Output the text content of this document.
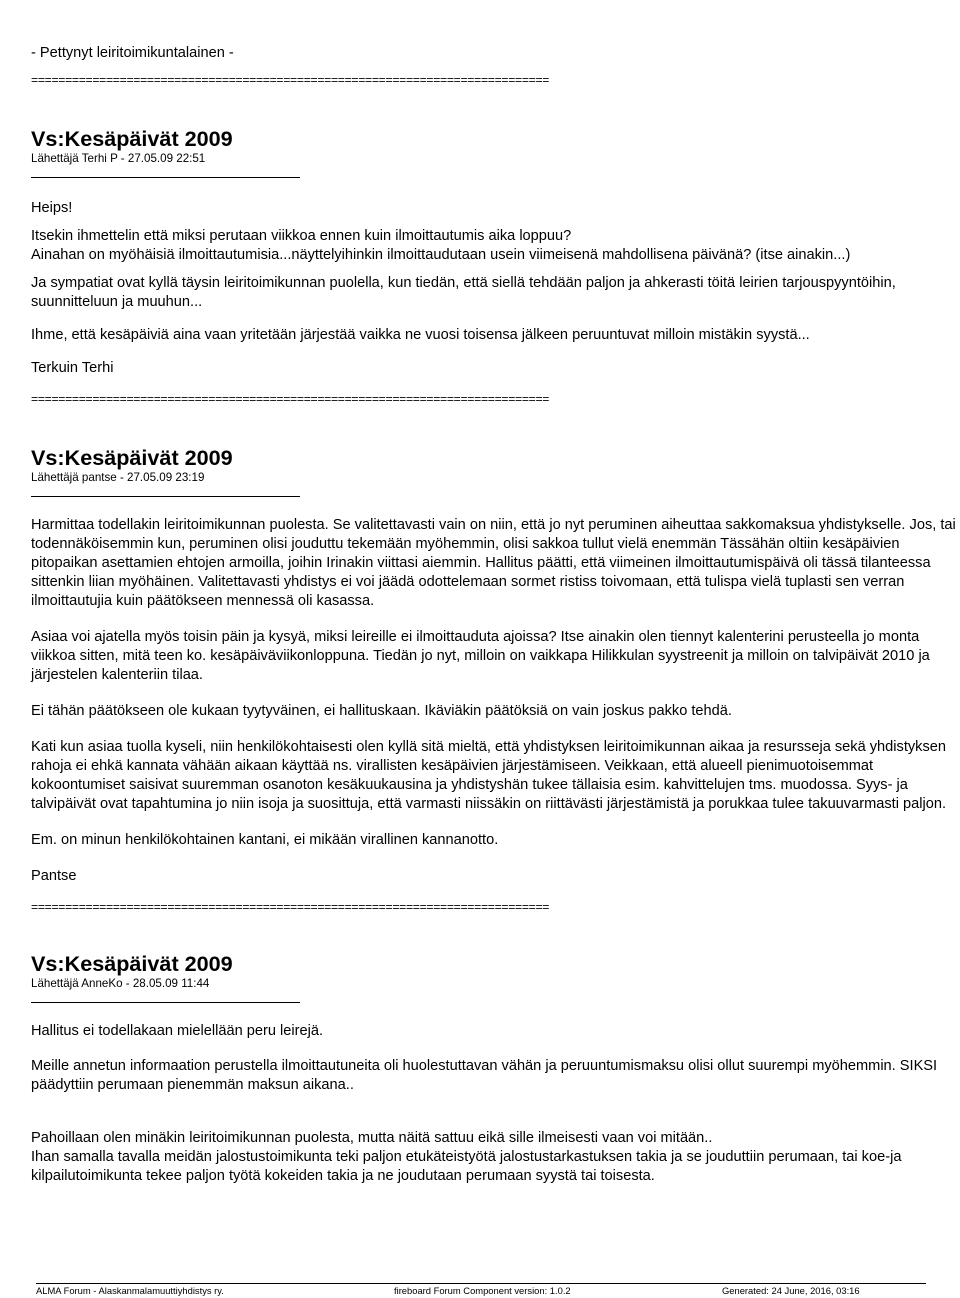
- Pettynyt leiritoimikuntalainen -

============================================================================

Vs:Kesäpäivät 2009

Lähettäjä Terhi P - 27.05.09 22:51

Heips!

Itsekin ihmettelin että miksi perutaan viikkoa ennen kuin ilmoittautumis aika loppuu?

Ainahan on myöhäisiä ilmoittautumisia...näyttelyihinkin ilmoittaudutaan usein viimeisenä mahdollisena päivänä? (itse ainakin...)

Ja sympatiat ovat kyllä täysin leiritoimikunnan puolella, kun tiedän, että siellä tehdään paljon ja ahkerasti töitä leirien tarjouspyyntöihin, suunnitteluun ja muuhun...

Ihme, että kesäpäiviä aina vaan yritetään järjestää vaikka ne vuosi toisensa jälkeen peruuntuvat milloin mistäkin syystä...

Terkuin Terhi

============================================================================

Vs:Kesäpäivät 2009

Lähettäjä pantse - 27.05.09 23:19

Harmittaa todellakin leiritoimikunnan puolesta. Se valitettavasti vain on niin, että jo nyt peruminen aiheuttaa sakkomaksua yhdistykselle. Jos, tai todennäköisemmin kun, peruminen olisi jouduttu tekemään myöhemmin, olisi sakkoa tullut vielä enemmän Tässähän oltiin kesäpäivien pitopaikan asettamien ehtojen armoilla, joihin Irinakin viittasi aiemmin. Hallitus päätti, että viimeinen ilmoittautumispäivä oli tässä tilanteessa sittenkin liian myöhäinen. Valitettavasti yhdistys ei voi jäädä odottelemaan sormet ristiss toivomaan, että tulispa vielä tuplasti sen verran ilmoittautujia kuin päätökseen mennessä oli kasassa.

Asiaa voi ajatella myös toisin päin ja kysyä, miksi leireille ei ilmoittauduta ajoissa? Itse ainakin olen tiennyt kalenterini perusteella jo monta viikkoa sitten, mitä teen ko. kesäpäiväviikonloppuna. Tiedän jo nyt, milloin on vaikkapa Hilikkulan syystreenit ja milloin on talvipäivät 2010 ja järjestelen kalenteriin tilaa.

Ei tähän päätökseen ole kukaan tyytyväinen, ei hallituskaan. Ikäviäkin päätöksiä on vain joskus pakko tehdä.

Kati kun asiaa tuolla kyseli, niin henkilökohtaisesti olen kyllä sitä mieltä, että yhdistyksen leiritoimikunnan aikaa ja resursseja sekä yhdistyksen rahoja ei ehkä kannata vähään aikaan käyttää ns. virallisten kesäpäivien järjestämiseen. Veikkaan, että alueell pienimuotoisemmat kokoontumiset saisivat suuremman osanoton kesäkuukausina ja yhdistyshän tukee tällaisia esim. kahvittelujen tms. muodossa. Syys- ja talvipäivät ovat tapahtumina jo niin isoja ja suosittuja, että varmasti niissäkin on riittävästi järjestämistä ja porukkaa tulee takuuvarmasti paljon.

Em. on minun henkilökohtainen kantani, ei mikään virallinen kannanotto.

Pantse

============================================================================

Vs:Kesäpäivät 2009

Lähettäjä AnneKo - 28.05.09 11:44

Hallitus ei todellakaan mielellään peru leirejä.

Meille annetun informaation perustella ilmoittautuneita oli huolestuttavan vähän ja peruuntumismaksu olisi ollut suurempi myöhemmin. SIKSI päädyttiin perumaan pienemmän maksun aikana..

Pahoillaan olen minäkin leiritoimikunnan puolesta, mutta näitä sattuu eikä sille ilmeisesti vaan voi mitään..

Ihan samalla tavalla meidän jalostustoimikunta teki paljon etukäteistyötä jalostustarkastuksen takia ja se jouduttiin perumaan, tai koe-ja kilpailutoimikunta tekee paljon työtä kokeiden takia ja ne joudutaan perumaan syystä tai toisesta.

ALMA Forum - Alaskanmalamuuttiyhdistys ry.	fireboard Forum Component version: 1.0.2	Generated: 24 June, 2016, 03:16
